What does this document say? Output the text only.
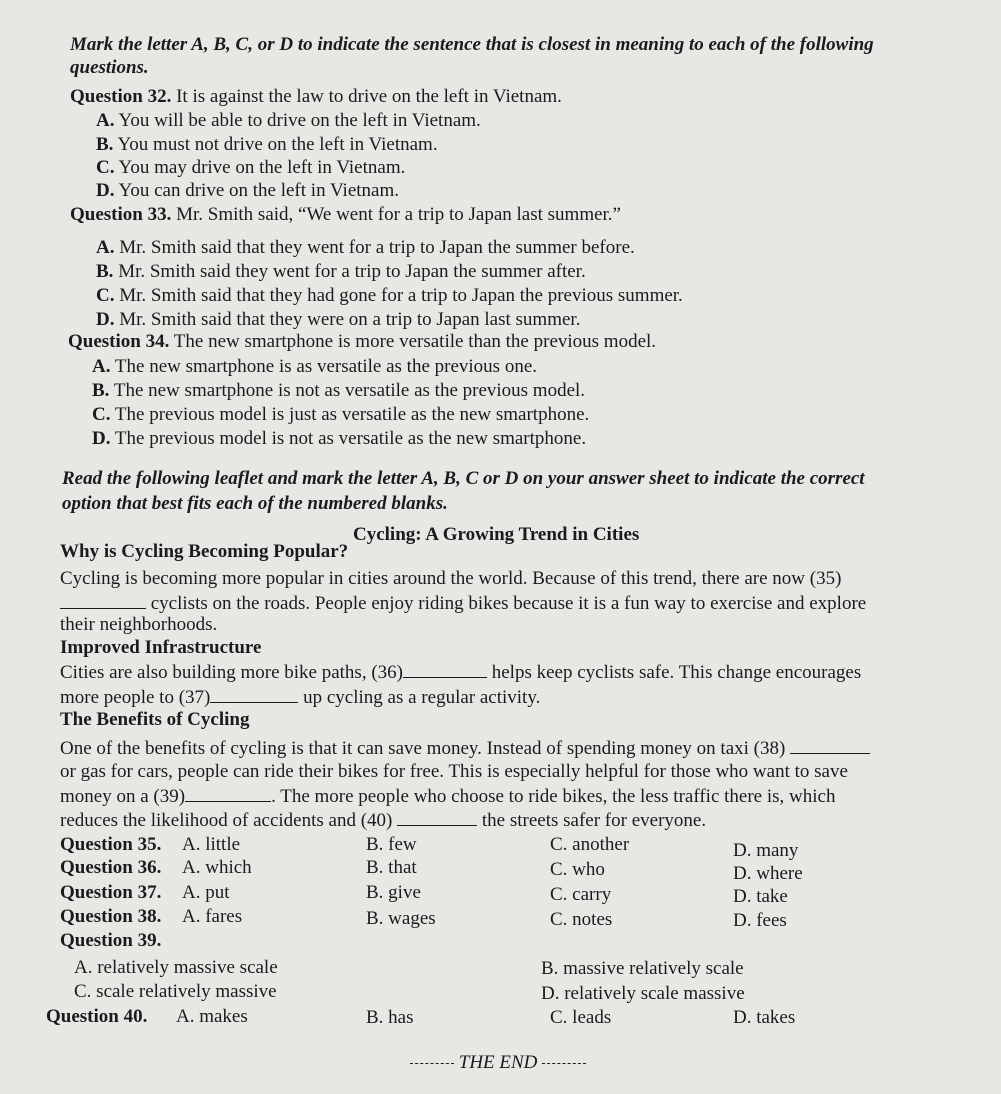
Mark the letter A, B, C, or D to indicate the sentence that is closest in meaning to each of the following
questions.
Question 32. It is against the law to drive on the left in Vietnam.
A. You will be able to drive on the left in Vietnam.
B. You must not drive on the left in Vietnam.
C. You may drive on the left in Vietnam.
D. You can drive on the left in Vietnam.
Question 33. Mr. Smith said, “We went for a trip to Japan last summer.”
A. Mr. Smith said that they went for a trip to Japan the summer before.
B. Mr. Smith said they went for a trip to Japan the summer after.
C. Mr. Smith said that they had gone for a trip to Japan the previous summer.
D. Mr. Smith said that they were on a trip to Japan last summer.
Question 34. The new smartphone is more versatile than the previous model.
A. The new smartphone is as versatile as the previous one.
B. The new smartphone is not as versatile as the previous model.
C. The previous model is just as versatile as the new smartphone.
D. The previous model is not as versatile as the new smartphone.
Read the following leaflet and mark the letter A, B, C or D on your answer sheet to indicate the correct
option that best fits each of the numbered blanks.
Cycling: A Growing Trend in Cities
Why is Cycling Becoming Popular?
Cycling is becoming more popular in cities around the world. Because of this trend, there are now (35)
cyclists on the roads. People enjoy riding bikes because it is a fun way to exercise and explore
their neighborhoods.
Improved Infrastructure
Cities are also building more bike paths, (36)	helps keep cyclists safe. This change encourages
more people to (37)	up cycling as a regular activity.
The Benefits of Cycling
One of the benefits of cycling is that it can save money. Instead of spending money on taxi (38)
or gas for cars, people can ride their bikes for free. This is especially helpful for those who want to save
money on a (39)	. The more people who choose to ride bikes, the less traffic there is, which
reduces the likelihood of accidents and (40)	the streets safer for everyone.
Question 35. A. little	B. few	C. another	D. many
Question 36. A. which	B. that	C. who	D. where
Question 37. A. put	B. give	C. carry	D. take
Question 38. A. fares	B. wages	C. notes	D. fees
Question 39.
A. relatively massive scale	B. massive relatively scale
C. scale relatively massive	D. relatively scale massive
Question 40. A. makes	B. has	C. leads	D. takes
THE END
